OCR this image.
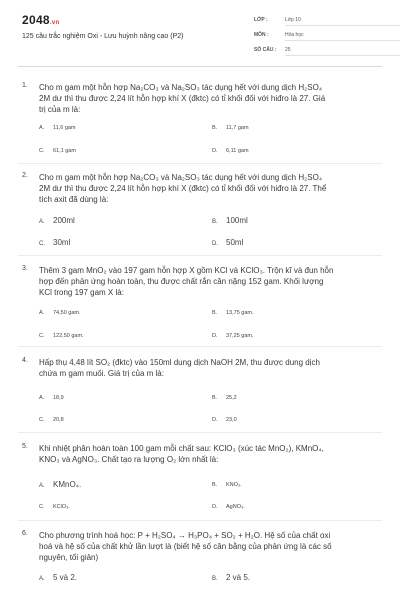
2048.vn
125 câu trắc nghiệm Oxi - Lưu huỳnh nâng cao (P2)
LỚP :	Lớp 10
MÔN :	Hóa học
SỐ CÂU :	25
1. Cho m gam một hỗn hợp Na₂CO₃ và Na₂SO₃ tác dụng hết với dung dịch H₂SO₄
2M dư thì thu được 2,24 lít hỗn hợp khí X (đktc) có tỉ khối đối với hiđro là 27. Giá
trị của m là:
A. 11,6 gam	B. 11,7 gam
C. 61,1 gam	D. 6,11 gam
2. Cho m gam một hỗn hợp Na₂CO₃ và Na₂SO₃ tác dụng hết với dung dịch H₂SO₄
2M dư thì thu được 2,24 lít hỗn hợp khí X (đktc) có tỉ khối đối với hiđro là 27. Thể
tích axit đã dùng là:
A. 200ml	B. 100ml
C. 30ml	D. 50ml
3. Thêm 3 gam MnO₂ vào 197 gam hỗn hợp X gồm KCl và KClO₃. Trộn kĩ và đun hỗn
hợp đến phản ứng hoàn toàn, thu được chất rắn cân nặng 152 gam. Khối lượng
KCl trong 197 gam X là:
A. 74,50 gam.	B. 13,75 gam.
C. 122,50 gam.	D. 37,25 gam.
4. Hấp thụ 4,48 lít SO₂ (đktc) vào 150ml dung dịch NaOH 2M, thu được dung dịch
chứa m gam muối. Giá trị của m là:
A. 18,9	B. 25,2
C. 20,8	D. 23,0
5. Khi nhiệt phân hoàn toàn 100 gam mỗi chất sau: KClO₃ (xúc tác MnO₂), KMnO₄,
KNO₃ và AgNO₃. Chất tạo ra lượng O₂ lớn nhất là:
A. KMnO₄.	B. KNO₃.
C. KClO₃.	D. AgNO₃.
6. Cho phương trình hoá học: P + H₂SO₄ → H₃PO₄ + SO₂ + H₂O. Hệ số của chất oxi
hoá và hệ số của chất khử lần lượt là (biết hệ số cân bằng của phản ứng là các số
nguyên, tối giản)
A. 5 và 2.	B. 2 và 5.
